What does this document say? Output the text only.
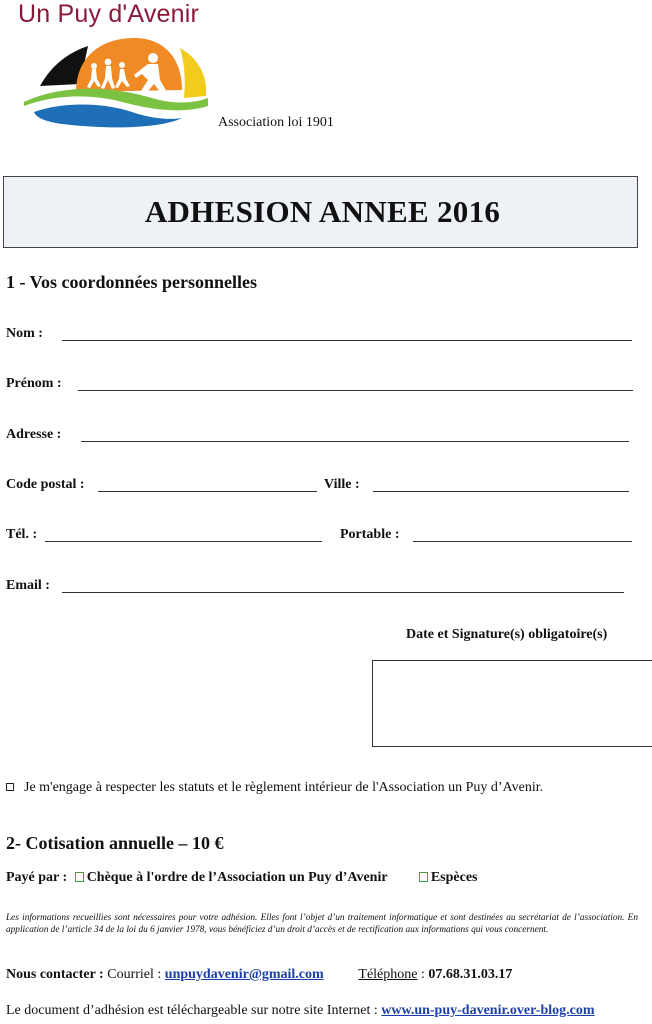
Un Puy d'Avenir
Association loi 1901
ADHESION ANNEE 2016
1 - Vos coordonnées personnelles
Nom :
Prénom :
Adresse :
Code postal :	Ville :
Tél. :	Portable :
Email :
Date et Signature(s) obligatoire(s)
Je m'engage à respecter les statuts et le règlement intérieur de l'Association un Puy d’Avenir.
2- Cotisation annuelle – 10 €
Payé par : Chèque à l'ordre de l’Association un Puy d’Avenir	Espèces
Les informations recueillies sont nécessaires pour votre adhésion. Elles font l’objet d’un traitement informatique et sont destinées au secrétariat de l’association. En application de l’article 34 de la loi du 6 janvier 1978, vous bénéficiez d’un droit d’accès et de rectification aux informations qui vous concernent.
Nous contacter : Courriel : unpuydavenir@gmail.com Téléphone : 07.68.31.03.17
Le document d’adhésion est téléchargeable sur notre site Internet : www.un-puy-davenir.over-blog.com
